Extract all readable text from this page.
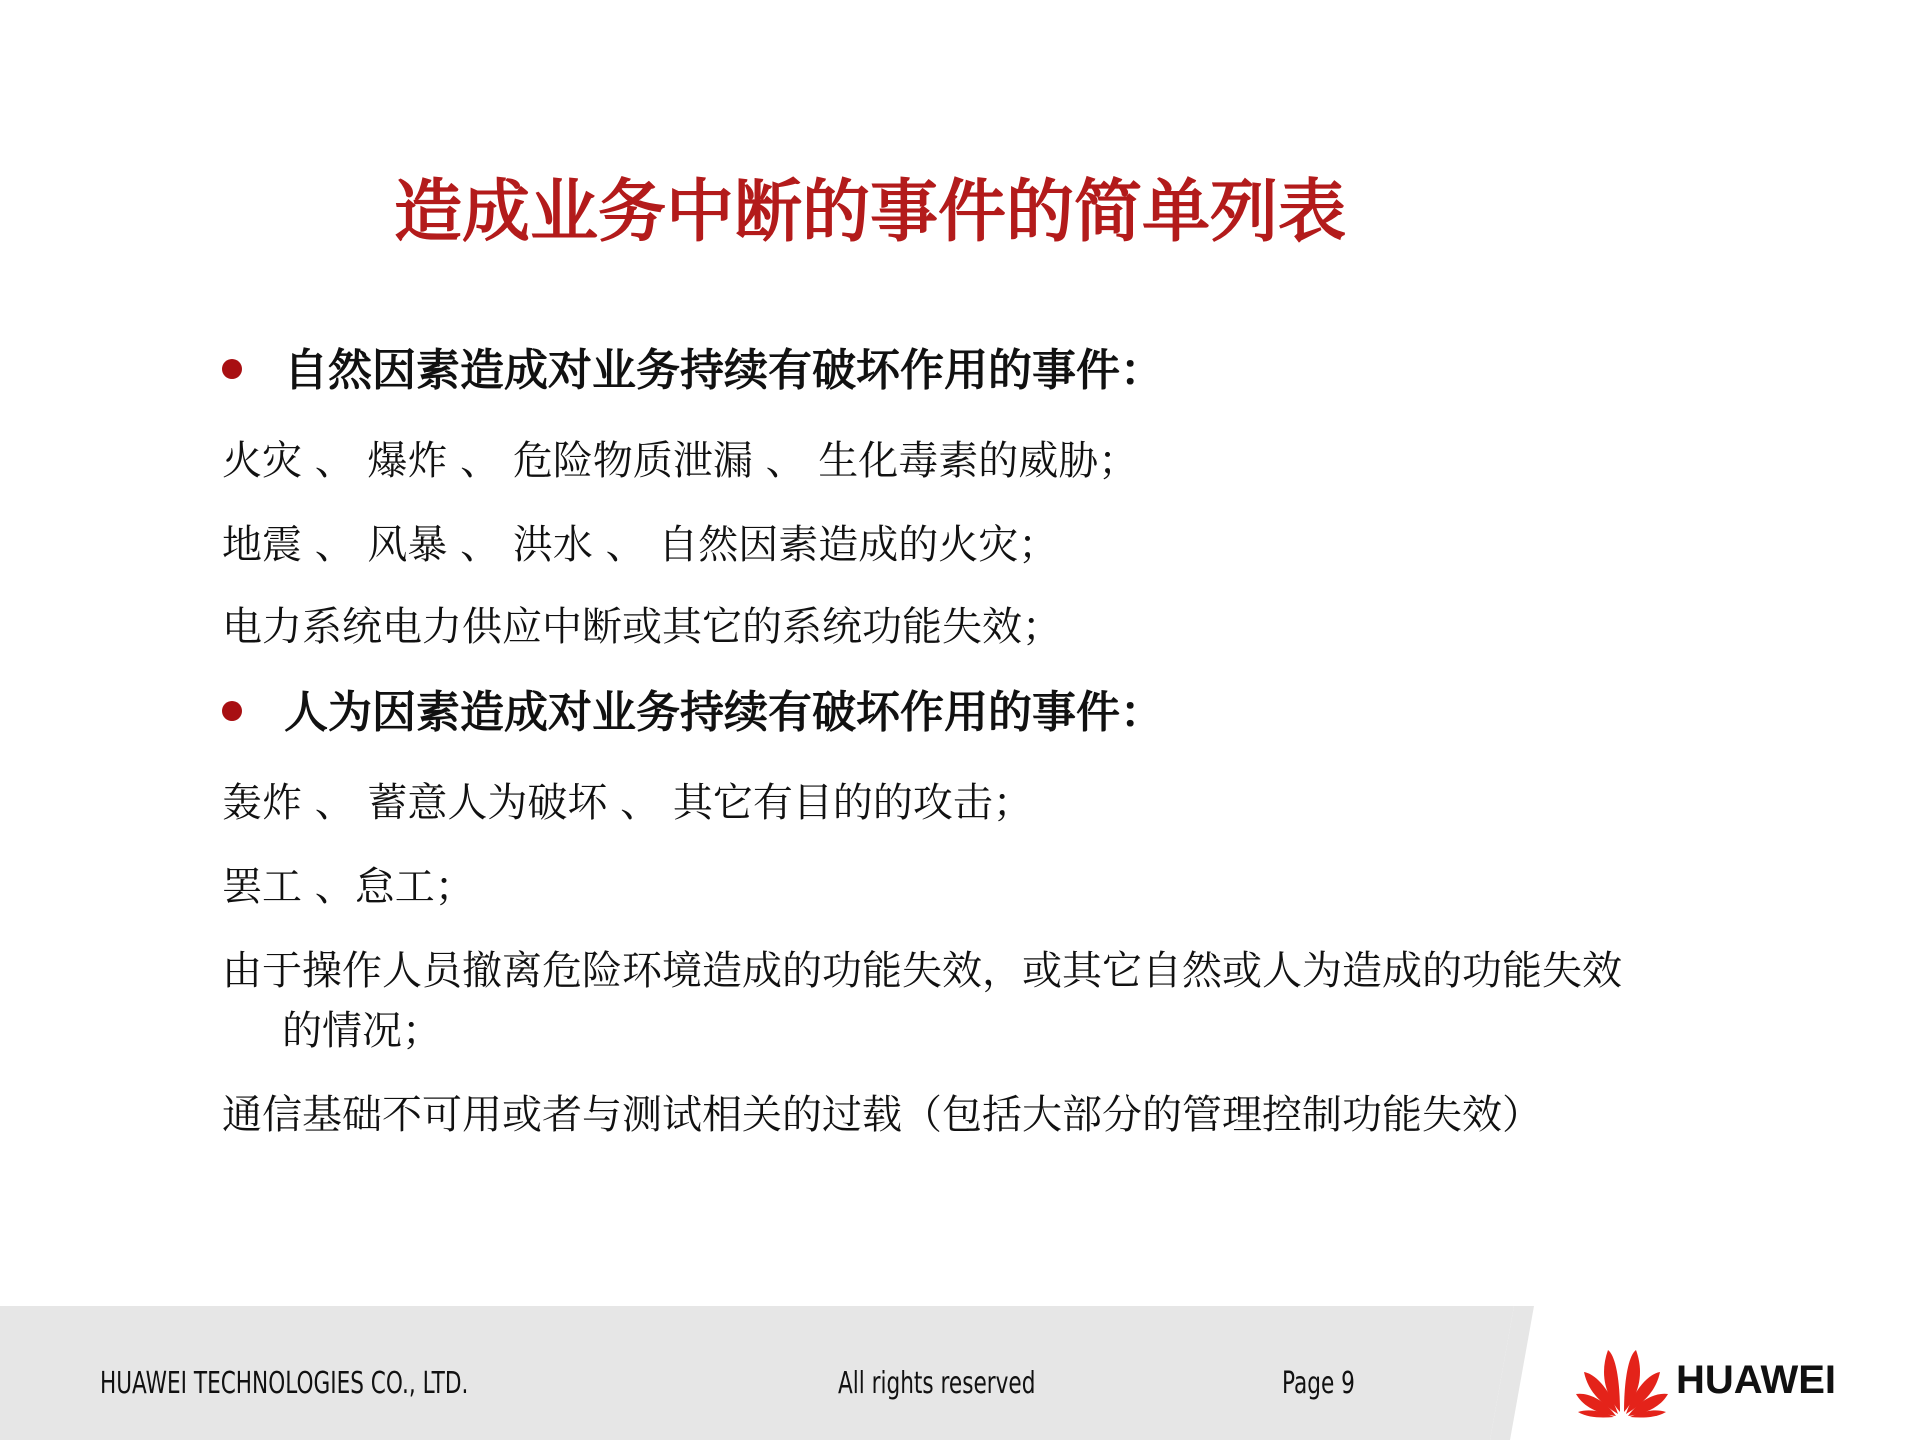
造成业务中断的事件的简单列表
自然因素造成对业务持续有破坏作用的事件：
火灾 、 爆炸 、 危险物质泄漏 、 生化毒素的威胁；
地震 、 风暴 、 洪水 、 自然因素造成的火灾；
电力系统电力供应中断或其它的系统功能失效；
人为因素造成对业务持续有破坏作用的事件：
轰炸 、 蓄意人为破坏 、 其它有目的的攻击；
罢工 、怠工；
由于操作人员撤离危险环境造成的功能失效，或其它自然或人为造成的功能失效
的情况；
通信基础不可用或者与测试相关的过载（包括大部分的管理控制功能失效）
HUAWEI TECHNOLOGIES CO., LTD.	All rights reserved	Page 9	HUAWEI
